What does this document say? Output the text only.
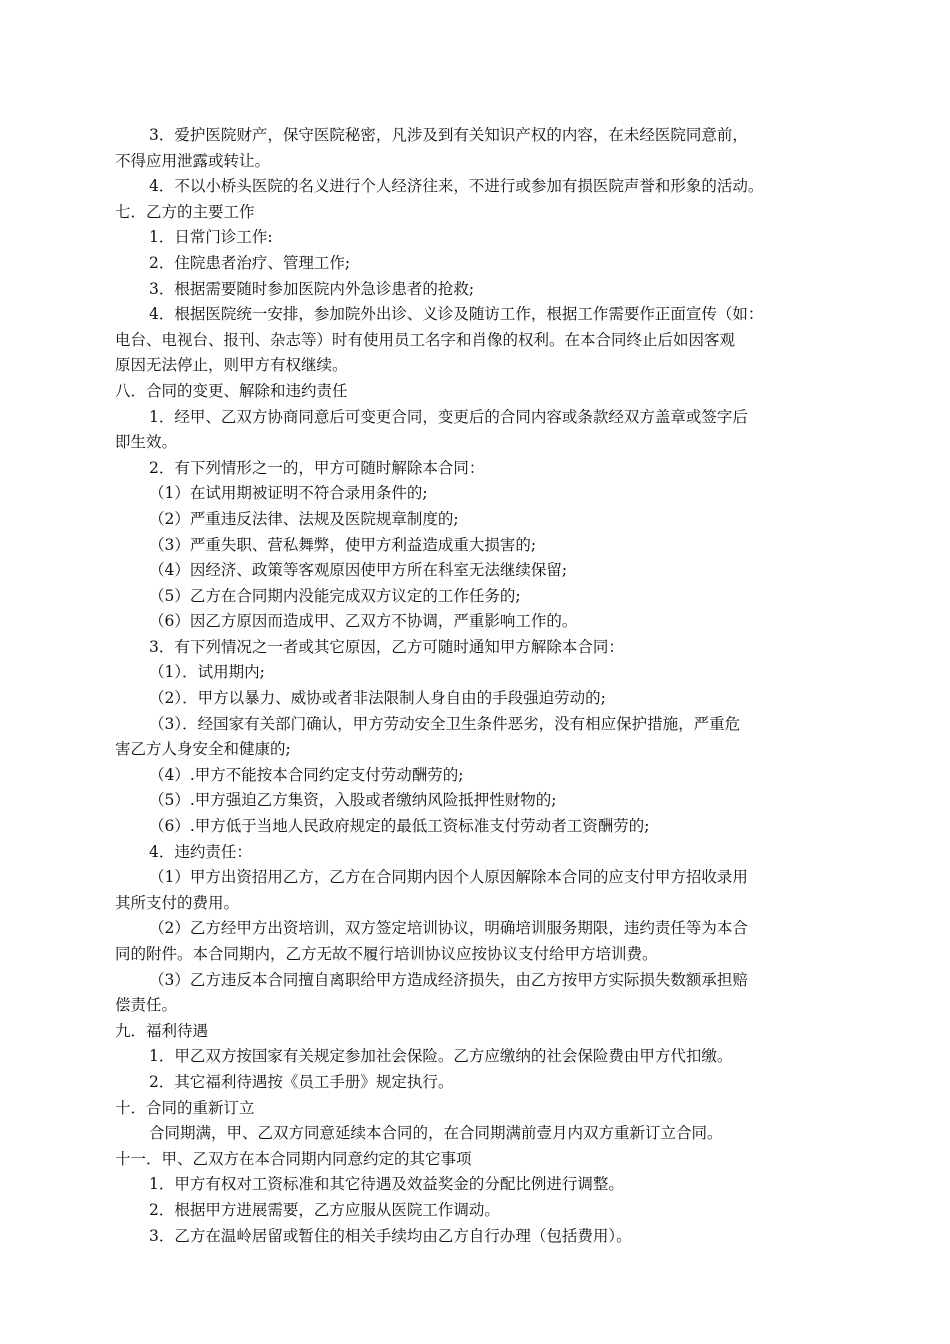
3．爱护医院财产，保守医院秘密，凡涉及到有关知识产权的内容，在未经医院同意前，

不得应用泄露或转让。

4．不以小桥头医院的名义进行个人经济往来，不进行或参加有损医院声誉和形象的活动。

七．乙方的主要工作

1．日常门诊工作:

2．住院患者治疗、管理工作;

3．根据需要随时参加医院内外急诊患者的抢救;

4．根据医院统一安排，参加院外出诊、义诊及随访工作，根据工作需要作正面宣传（如：

电台、电视台、报刊、杂志等）时有使用员工名字和肖像的权利。在本合同终止后如因客观

原因无法停止，则甲方有权继续。

八．合同的变更、解除和违约责任

1．经甲、乙双方协商同意后可变更合同，变更后的合同内容或条款经双方盖章或签字后

即生效。

2．有下列情形之一的，甲方可随时解除本合同：

（1）在试用期被证明不符合录用条件的;

（2）严重违反法律、法规及医院规章制度的;

（3）严重失职、营私舞弊，使甲方利益造成重大损害的;

（4）因经济、政策等客观原因使甲方所在科室无法继续保留;

（5）乙方在合同期内没能完成双方议定的工作任务的;

（6）因乙方原因而造成甲、乙双方不协调，严重影响工作的。

3．有下列情况之一者或其它原因，乙方可随时通知甲方解除本合同：

（1）．试用期内;

（2）．甲方以暴力、威协或者非法限制人身自由的手段强迫劳动的;

（3）．经国家有关部门确认，甲方劳动安全卫生条件恶劣，没有相应保护措施，严重危

害乙方人身安全和健康的;

（4）.甲方不能按本合同约定支付劳动酬劳的;

（5）.甲方强迫乙方集资，入股或者缴纳风险抵押性财物的;

（6）.甲方低于当地人民政府规定的最低工资标准支付劳动者工资酬劳的;

4．违约责任：

（1）甲方出资招用乙方，乙方在合同期内因个人原因解除本合同的应支付甲方招收录用

其所支付的费用。

（2）乙方经甲方出资培训，双方签定培训协议，明确培训服务期限，违约责任等为本合

同的附件。本合同期内，乙方无故不履行培训协议应按协议支付给甲方培训费。

（3）乙方违反本合同擅自离职给甲方造成经济损失，由乙方按甲方实际损失数额承担赔

偿责任。

九．福利待遇

1．甲乙双方按国家有关规定参加社会保险。乙方应缴纳的社会保险费由甲方代扣缴。

2．其它福利待遇按《员工手册》规定执行。

十．合同的重新订立

合同期满，甲、乙双方同意延续本合同的，在合同期满前壹月内双方重新订立合同。

十一．甲、乙双方在本合同期内同意约定的其它事项

1．甲方有权对工资标准和其它待遇及效益奖金的分配比例进行调整。

2．根据甲方进展需要，乙方应服从医院工作调动。

3．乙方在温岭居留或暂住的相关手续均由乙方自行办理（包括费用）。
